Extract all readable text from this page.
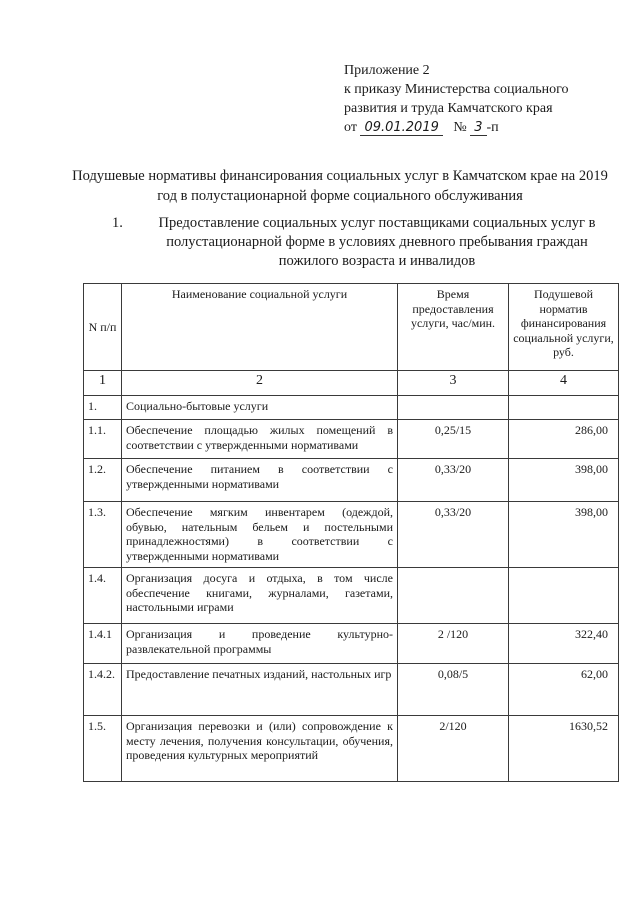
Приложение 2
к приказу Министерства социального
развития и труда Камчатского края
от 09.01.2019 № 3 -п
Подушевые нормативы финансирования социальных услуг в Камчатском крае на 2019 год в полустационарной форме социального обслуживания
1.	Предоставление социальных услуг поставщиками социальных услуг в полустационарной форме в условиях дневного пребывания граждан пожилого возраста и инвалидов
N п/п	Наименование социальной услуги	Время предоставления услуги, час/мин.	Подушевой норматив финансирования социальной услуги, руб.
1	2	3	4
1.	Социально-бытовые услуги		
1.1.	Обеспечение площадью жилых помещений в соответствии с утвержденными нормативами	0,25/15	286,00
1.2.	Обеспечение питанием в соответствии с утвержденными нормативами	0,33/20	398,00
1.3.	Обеспечение мягким инвентарем (одеждой, обувью, нательным бельем и постельными принадлежностями) в соответствии с утвержденными нормативами	0,33/20	398,00
1.4.	Организация досуга и отдыха, в том числе обеспечение книгами, журналами, газетами, настольными играми		
1.4.1	Организация и проведение культурно-развлекательной программы	2 /120	322,40
1.4.2.	Предоставление печатных изданий, настольных игр	0,08/5	62,00
1.5.	Организация перевозки и (или) сопровождение к месту лечения, получения консультации, обучения, проведения культурных мероприятий	2/120	1630,52
